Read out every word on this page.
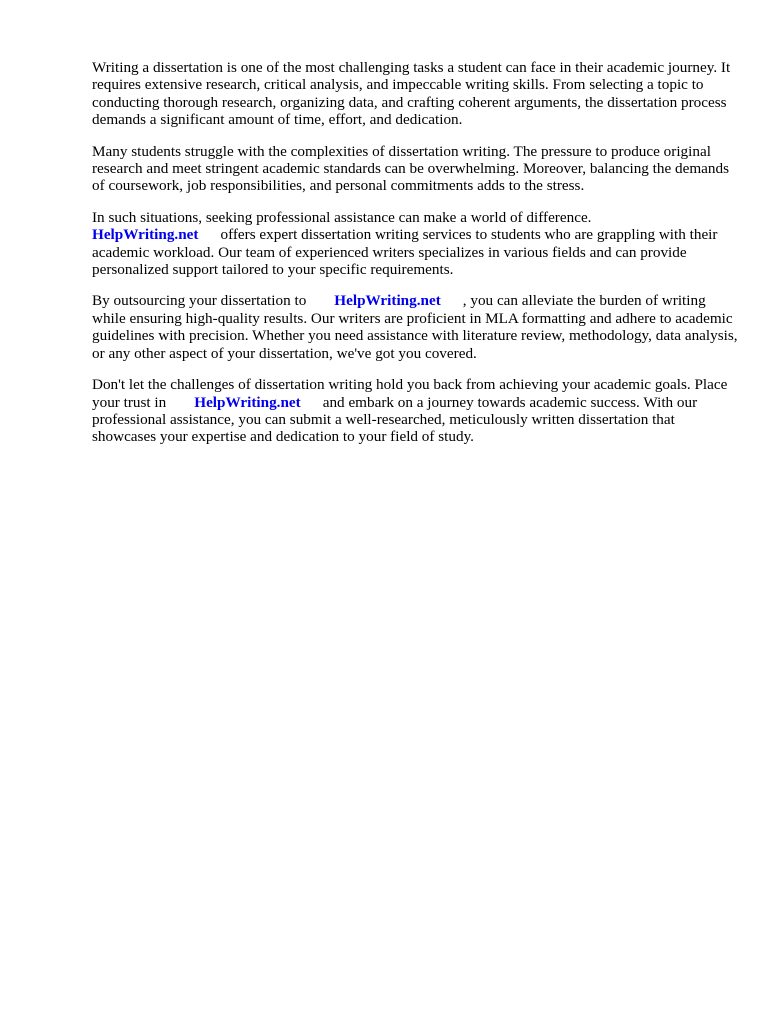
Writing a dissertation is one of the most challenging tasks a student can face in their academic journey. It requires extensive research, critical analysis, and impeccable writing skills. From selecting a topic to conducting thorough research, organizing data, and crafting coherent arguments, the dissertation process demands a significant amount of time, effort, and dedication.

Many students struggle with the complexities of dissertation writing. The pressure to produce original research and meet stringent academic standards can be overwhelming. Moreover, balancing the demands of coursework, job responsibilities, and personal commitments adds to the stress.

In such situations, seeking professional assistance can make a world of difference.
HelpWriting.net offers expert dissertation writing services to students who are grappling with their academic workload. Our team of experienced writers specializes in various fields and can provide personalized support tailored to your specific requirements.

By outsourcing your dissertation to HelpWriting.net , you can alleviate the burden of writing while ensuring high-quality results. Our writers are proficient in MLA formatting and adhere to academic guidelines with precision. Whether you need assistance with literature review, methodology, data analysis, or any other aspect of your dissertation, we've got you covered.

Don't let the challenges of dissertation writing hold you back from achieving your academic goals. Place your trust in HelpWriting.net and embark on a journey towards academic success. With our professional assistance, you can submit a well-researched, meticulously written dissertation that showcases your expertise and dedication to your field of study.
